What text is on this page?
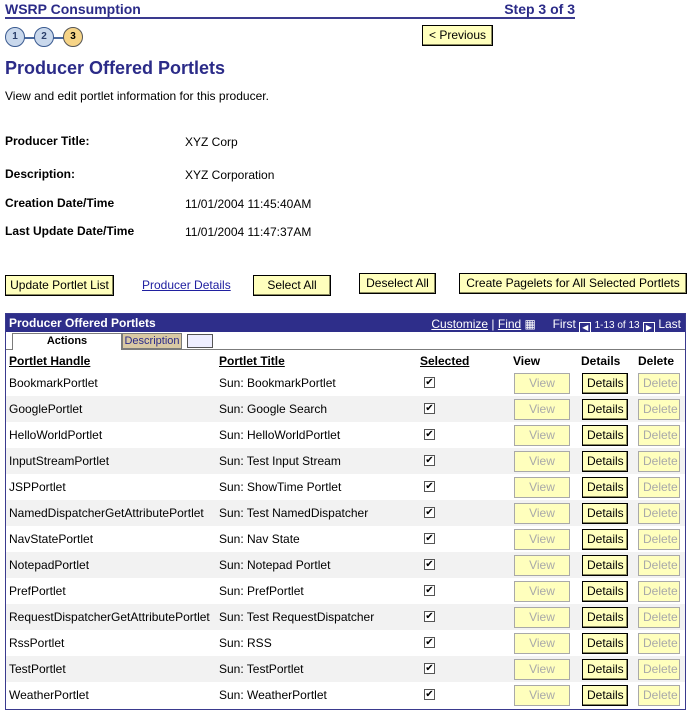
WSRP Consumption	Step 3 of 3
1	2	3	< Previous
Producer Offered Portlets
View and edit portlet information for this producer.
Producer Title:	XYZ Corp
Description:	XYZ Corporation
Creation Date/Time	11/01/2004 11:45:40AM
Last Update Date/Time	11/01/2004 11:47:37AM
Update Portlet List	Producer Details	Select All	Deselect All	Create Pagelets for All Selected Portlets
Producer Offered Portlets	Customize | Find ▦ First ◀ 1-13 of 13 ▶ Last
Actions	Description
Portlet Handle	Portlet Title	Selected	View	Details Delete
BookmarkPortlet	Sun: BookmarkPortlet	✔	View	Details	Delete
GooglePortlet	Sun: Google Search	✔	View	Details	Delete
HelloWorldPortlet	Sun: HelloWorldPortlet	✔	View	Details	Delete
InputStreamPortlet	Sun: Test Input Stream	✔	View	Details	Delete
JSPPortlet	Sun: ShowTime Portlet	✔	View	Details	Delete
NamedDispatcherGetAttributePortlet Sun: Test NamedDispatcher	✔	View	Details	Delete
NavStatePortlet	Sun: Nav State	✔	View	Details	Delete
NotepadPortlet	Sun: Notepad Portlet	✔	View	Details	Delete
PrefPortlet	Sun: PrefPortlet	✔	View	Details	Delete
RequestDispatcherGetAttributePortlet Sun: Test RequestDispatcher	✔	View	Details	Delete
RssPortlet	Sun: RSS	✔	View	Details	Delete
TestPortlet	Sun: TestPortlet	✔	View	Details	Delete
WeatherPortlet	Sun: WeatherPortlet	✔	View	Details	Delete
